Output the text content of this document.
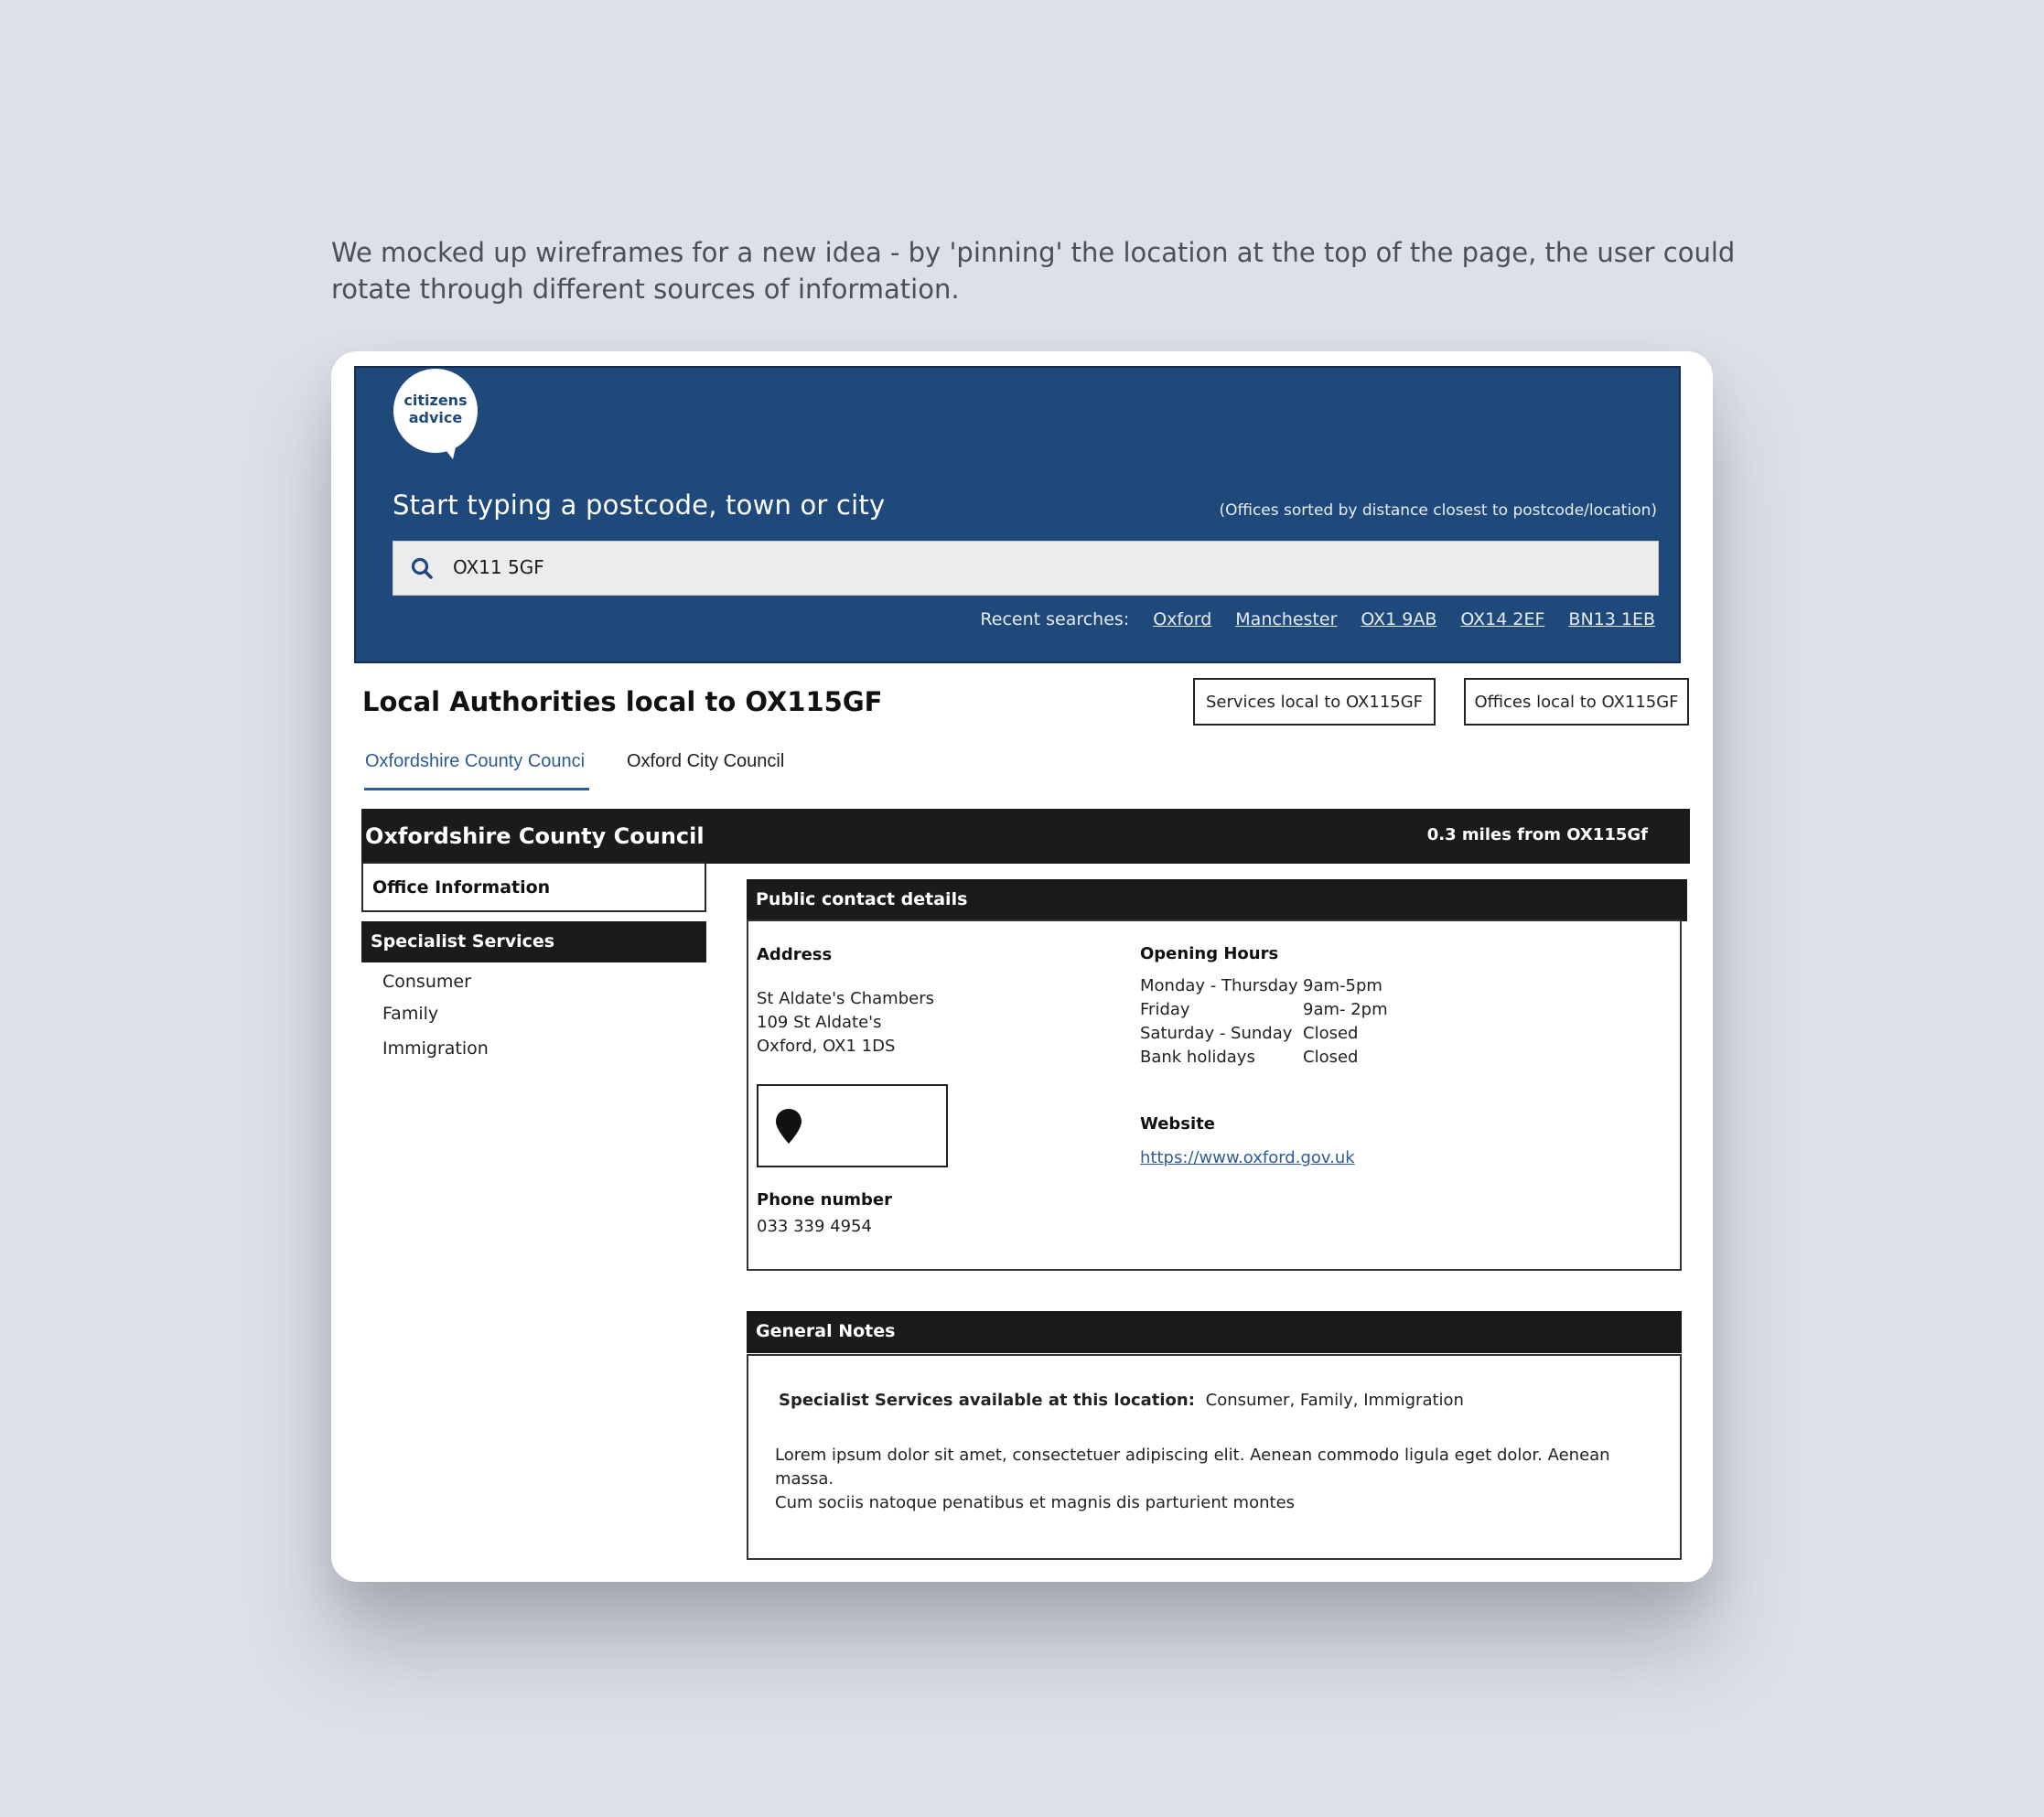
We mocked up wireframes for a new idea - by 'pinning' the location at the top of the page, the user could
rotate through different sources of information.
citizens
advice
Start typing a postcode, town or city	(Offices sorted by distance closest to postcode/location)
OX11 5GF
Recent searches: Oxford Manchester OX1 9AB OX14 2EF BN13 1EB
Local Authorities local to OX115GF	Services local to OX115GF	Offices local to OX115GF
Oxfordshire County Counci Oxford City Council
Oxfordshire County Council	0.3 miles from OX115Gf
Office Information
Specialist Services
Consumer
Family
Immigration
Public contact details
Address
St Aldate's Chambers
109 St Aldate's
Oxford, OX1 1DS
Phone number
033 339 4954
Opening Hours
Monday - Thursday 9am-5pm
Friday	9am- 2pm
Saturday - Sunday Closed
Bank holidays	Closed
Website
https://www.oxford.gov.uk
General Notes
Specialist Services available at this location: Consumer, Family, Immigration
Lorem ipsum dolor sit amet, consectetuer adipiscing elit. Aenean commodo ligula eget dolor. Aenean massa.
Cum sociis natoque penatibus et magnis dis parturient montes
